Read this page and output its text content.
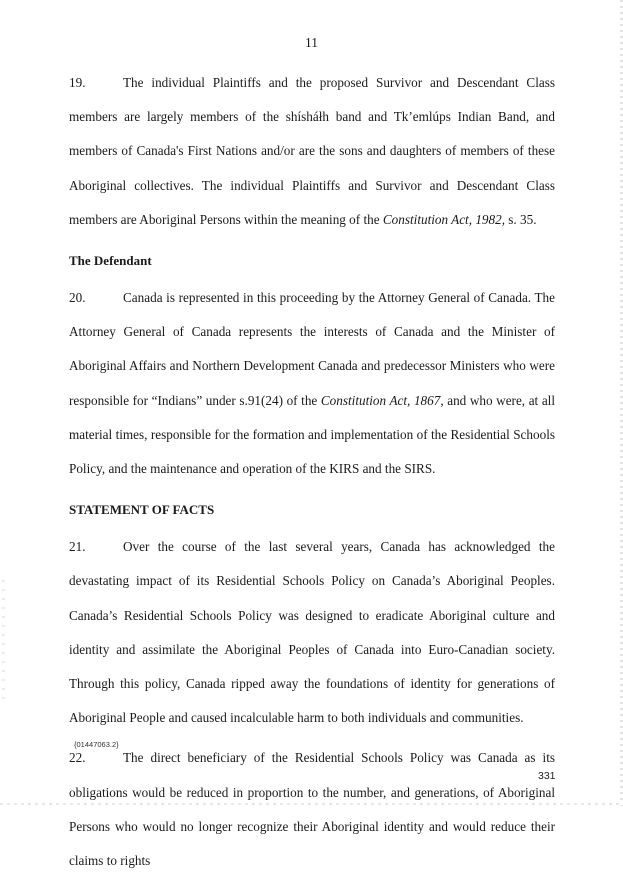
11

19.	The individual Plaintiffs and the proposed Survivor and Descendant Class members are largely members of the shísháłh band and Tk’emlúps Indian Band, and members of Canada's First Nations and/or are the sons and daughters of members of these Aboriginal collectives. The individual Plaintiffs and Survivor and Descendant Class members are Aboriginal Persons within the meaning of the Constitution Act, 1982, s. 35.

The Defendant

20.	Canada is represented in this proceeding by the Attorney General of Canada. The Attorney General of Canada represents the interests of Canada and the Minister of Aboriginal Affairs and Northern Development Canada and predecessor Ministers who were responsible for “Indians” under s.91(24) of the Constitution Act, 1867, and who were, at all material times, responsible for the formation and implementation of the Residential Schools Policy, and the maintenance and operation of the KIRS and the SIRS.

STATEMENT OF FACTS

21.	Over the course of the last several years, Canada has acknowledged the devastating impact of its Residential Schools Policy on Canada’s Aboriginal Peoples. Canada’s Residential Schools Policy was designed to eradicate Aboriginal culture and identity and assimilate the Aboriginal Peoples of Canada into Euro-Canadian society. Through this policy, Canada ripped away the foundations of identity for generations of Aboriginal People and caused incalculable harm to both individuals and communities.

22.	The direct beneficiary of the Residential Schools Policy was Canada as its obligations would be reduced in proportion to the number, and generations, of Aboriginal Persons who would no longer recognize their Aboriginal identity and would reduce their claims to rights

{01447063.2}
331
